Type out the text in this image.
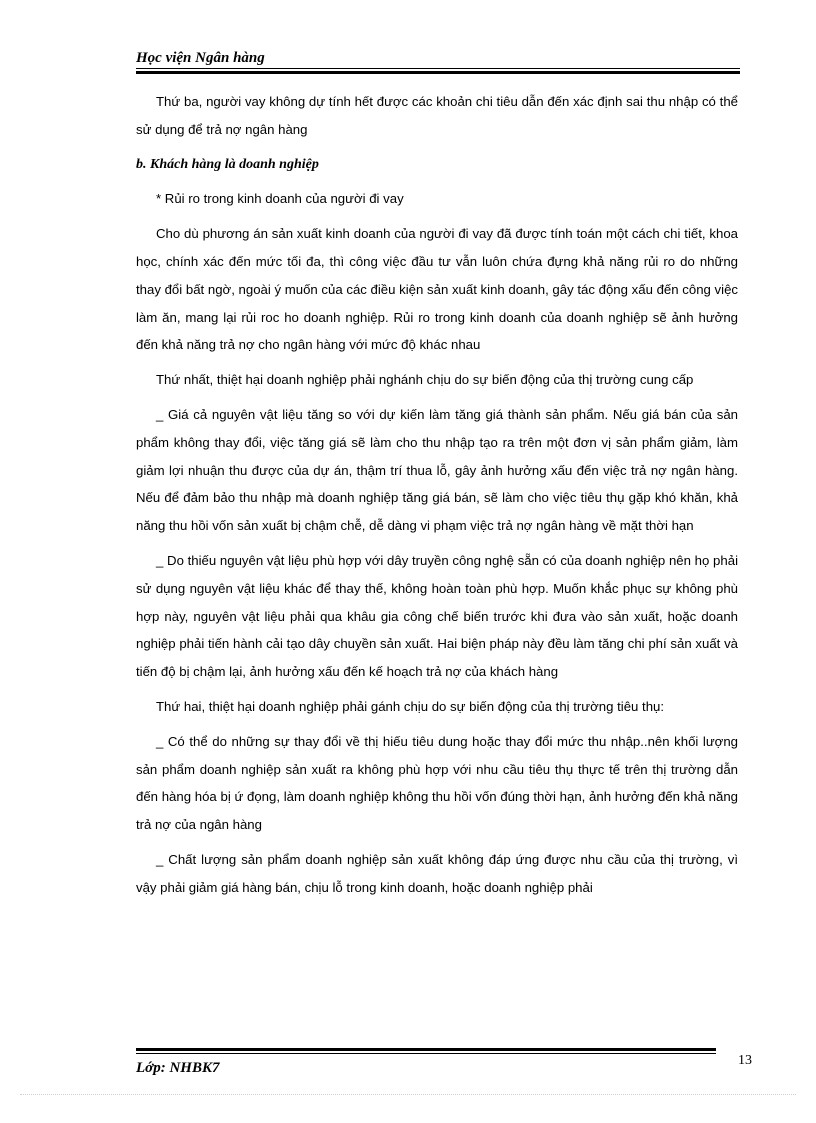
Học viện Ngân hàng

Thứ ba, người vay không dự tính hết được các khoản chi tiêu dẫn đến xác định sai thu nhập có thể sử dụng để trả nợ ngân hàng

b. Khách hàng là doanh nghiệp

* Rủi ro trong kinh doanh của người đi vay

Cho dù phương án sản xuất kinh doanh của người đi vay đã được tính toán một cách chi tiết, khoa học, chính xác đến mức tối đa, thì công việc đầu tư vẫn luôn chứa đựng khả năng rủi ro do những thay đổi bất ngờ, ngoài ý muốn của các điều kiện sản xuất kinh doanh, gây tác động xấu đến công việc làm ăn, mang lại rủi roc ho doanh nghiệp. Rủi ro trong kinh doanh của doanh nghiệp sẽ ảnh hưởng đến khả năng trả nợ cho ngân hàng với mức độ khác nhau

Thứ nhất, thiệt hại doanh nghiệp phải nghánh chịu do sự biến động của thị trường cung cấp

_ Giá cả nguyên vật liệu tăng so với dự kiến làm tăng giá thành sản phẩm. Nếu giá bán của sản phẩm không thay đổi, việc tăng giá sẽ làm cho thu nhập tạo ra trên một đơn vị sản phẩm giảm, làm giảm lợi nhuận thu được của dự án, thậm trí thua lỗ, gây ảnh hưởng xấu đến việc trả nợ ngân hàng. Nếu để đảm bảo thu nhập mà doanh nghiệp tăng giá bán, sẽ làm cho việc tiêu thụ gặp khó khăn, khả năng thu hồi vốn sản xuất bị chậm chễ, dễ dàng vi phạm việc trả nợ ngân hàng về mặt thời hạn

_ Do thiếu nguyên vật liệu phù hợp với dây truyền công nghệ sẵn có của doanh nghiệp nên họ phải sử dụng nguyên vật liệu khác để thay thế, không hoàn toàn phù hợp. Muốn khắc phục sự không phù hợp này, nguyên vật liệu phải qua khâu gia công chế biến trước khi đưa vào sản xuất, hoặc doanh nghiệp phải tiến hành cải tạo dây chuyền sản xuất. Hai biện pháp này đều làm tăng chi phí sản xuất và tiến độ bị chậm lại, ảnh hưởng xấu đến kế hoạch trả nợ của khách hàng

Thứ hai, thiệt hại doanh nghiệp phải gánh chịu do sự biến động của thị trường tiêu thụ:

_ Có thể do những sự thay đổi về thị hiếu tiêu dung hoặc thay đổi mức thu nhập..nên khối lượng sản phẩm doanh nghiệp sản xuất ra không phù hợp với nhu cầu tiêu thụ thực tế trên thị trường dẫn đến hàng hóa bị ứ đọng, làm doanh nghiệp không thu hồi vốn đúng thời hạn, ảnh hưởng đến khả năng trả nợ của ngân hàng

_ Chất lượng sản phẩm doanh nghiệp sản xuất không đáp ứng được nhu cầu của thị trường, vì vậy phải giảm giá hàng bán, chịu lỗ trong kinh doanh, hoặc doanh nghiệp phải

Lớp: NHBK7	13
